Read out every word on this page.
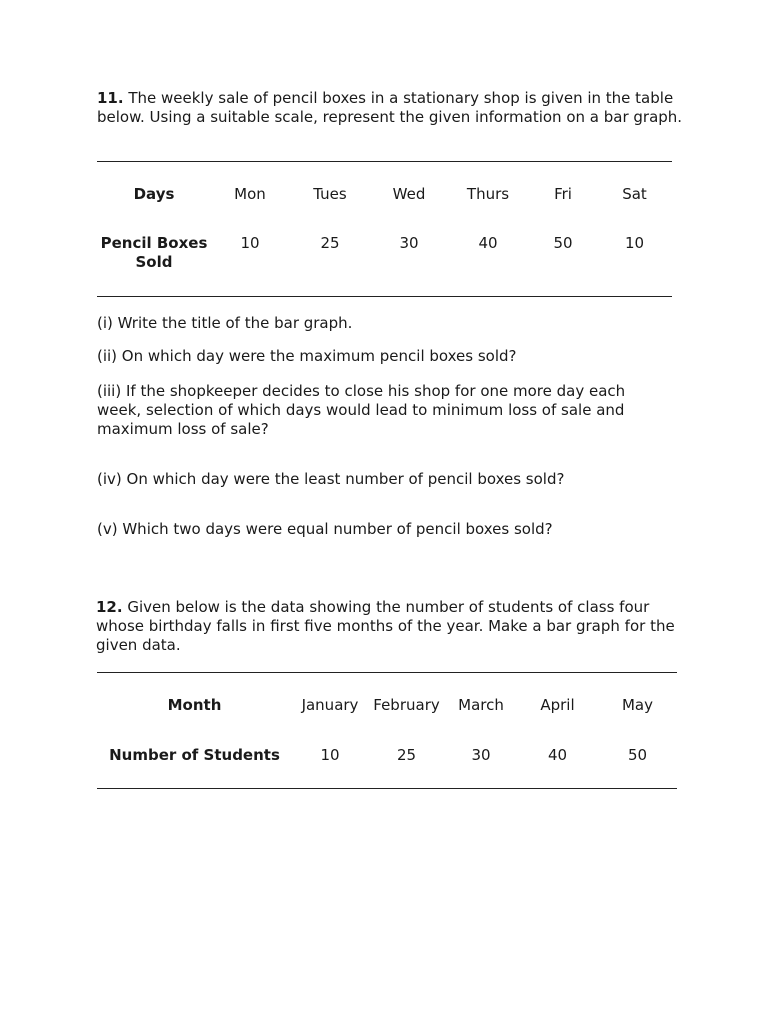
11. The weekly sale of pencil boxes in a stationary shop is given in the table below. Using a suitable scale, represent the given information on a bar graph.

Days	Mon	Tues	Wed	Thurs	Fri	Sat
Pencil Boxes
Sold	10	25	30	40	50	10

(i) Write the title of the bar graph.

(ii) On which day were the maximum pencil boxes sold?

(iii) If the shopkeeper decides to close his shop for one more day each week, selection of which days would lead to minimum loss of sale and maximum loss of sale?

(iv) On which day were the least number of pencil boxes sold?

(v) Which two days were equal number of pencil boxes sold?

12. Given below is the data showing the number of students of class four whose birthday falls in first five months of the year. Make a bar graph for the given data.

Month	January	February	March	April	May
Number of Students	10	25	30	40	50
